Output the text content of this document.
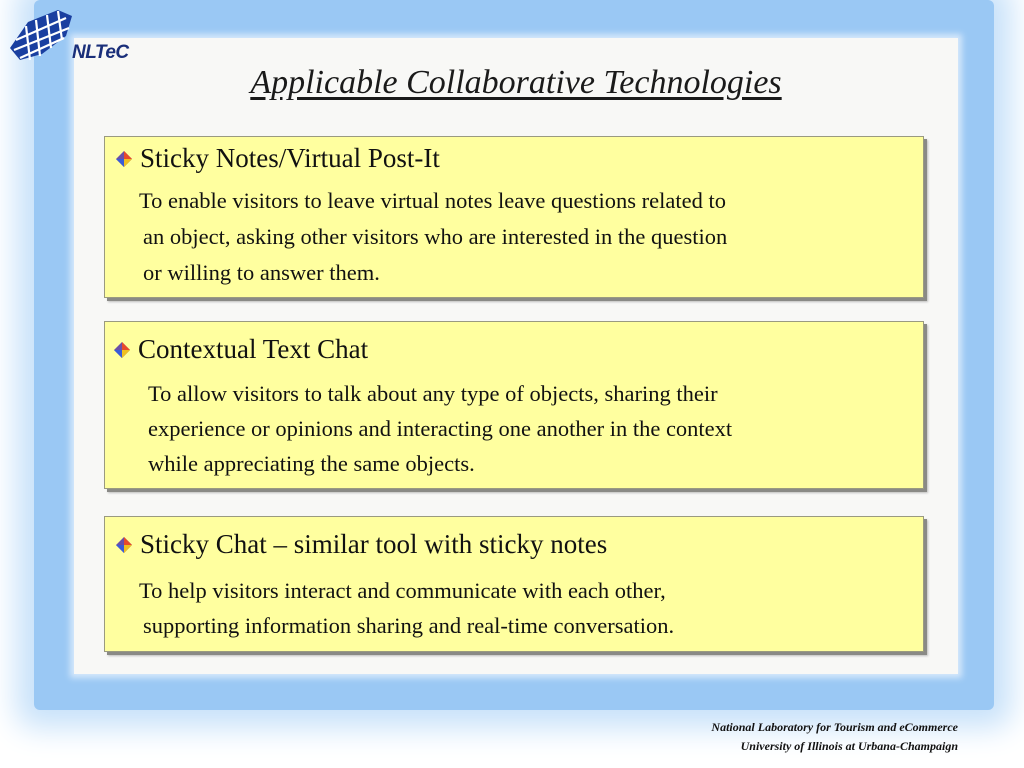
NLTeC
Applicable Collaborative Technologies
Sticky Notes/Virtual Post-It
To enable visitors to leave virtual notes leave questions related to
an object, asking other visitors who are interested in the question
or willing to answer them.
Contextual Text Chat
To allow visitors to talk about any type of objects, sharing their
experience or opinions and interacting one another in the context
while appreciating the same objects.
Sticky Chat – similar tool with sticky notes
To help visitors interact and communicate with each other,
supporting information sharing and real-time conversation.
National Laboratory for Tourism and eCommerce
University of Illinois at Urbana-Champaign
